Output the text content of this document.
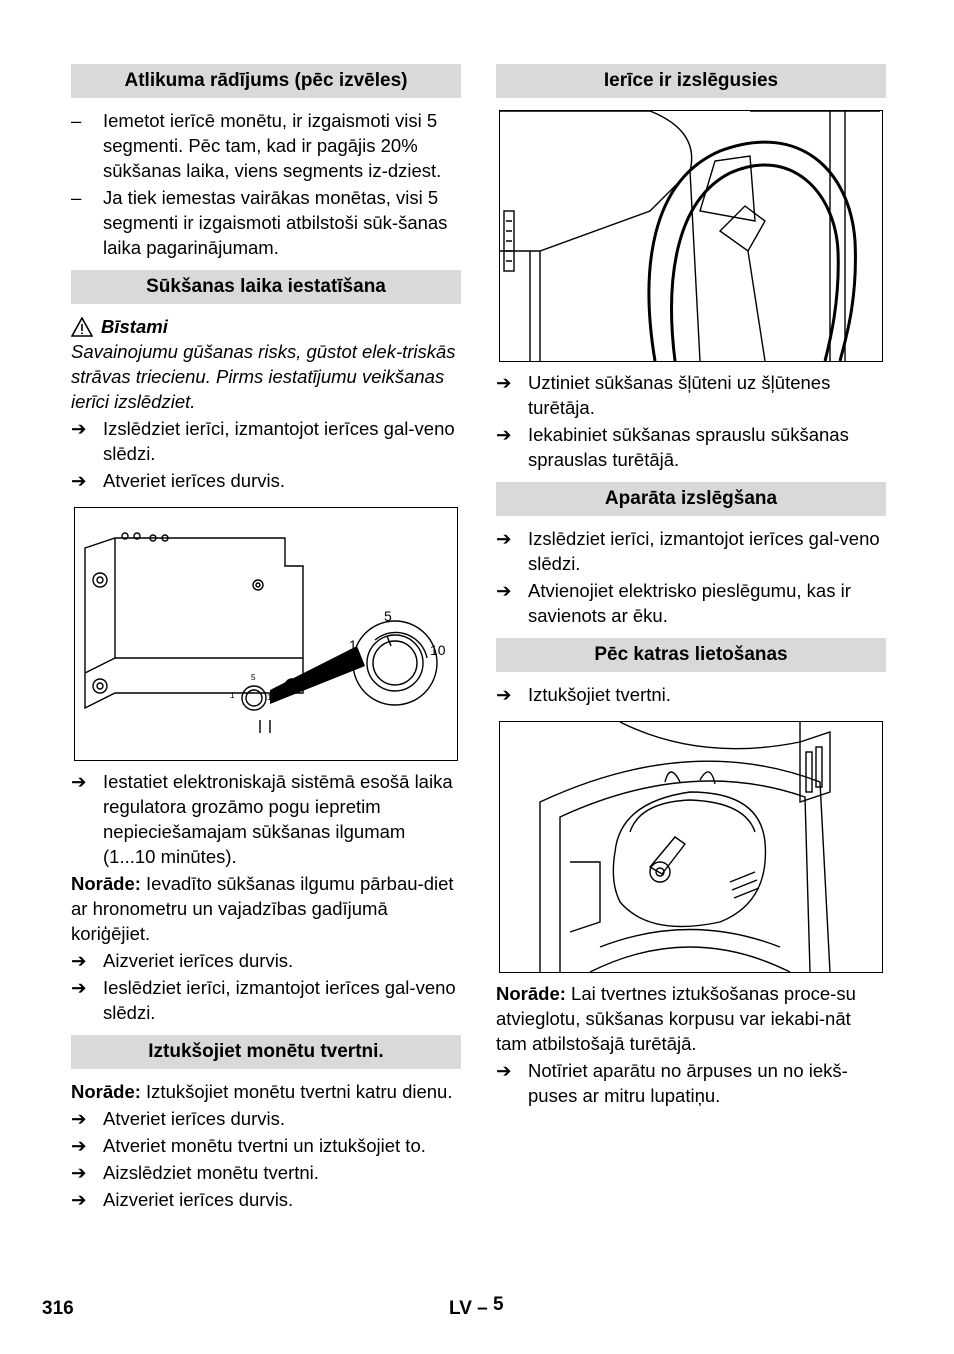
Atlikuma rādījums (pēc izvēles)
–	Iemetot ierīcē monētu, ir izgaismoti visi 5 segmenti. Pēc tam, kad ir pagājis 20% sūkšanas laika, viens segments iz-dziest.
–	Ja tiek iemestas vairākas monētas, visi 5 segmenti ir izgaismoti atbilstoši sūk-šanas laika pagarinājumam.
Sūkšanas laika iestatīšana
Bīstami

Savainojumu gūšanas risks, gūstot elek-triskās strāvas triecienu. Pirms iestatījumu veikšanas ierīci izslēdziet.

➔ Izslēdziet ierīci, izmantojot ierīces gal-veno slēdzi.
➔ Atveriet ierīces durvis.
5
1	10
5
1	10
➔ Iestatiet elektroniskajā sistēmā esošā laika regulatora grozāmo pogu iepretim nepieciešamajam sūkšanas ilgumam (1...10 minūtes).

Norāde: Ievadīto sūkšanas ilgumu pārbau-diet ar hronometru un vajadzības gadījumā koriģējiet.

➔ Aizveriet ierīces durvis.
➔ Ieslēdziet ierīci, izmantojot ierīces gal-veno slēdzi.
Iztukšojiet monētu tvertni.

Norāde: Iztukšojiet monētu tvertni katru dienu.

➔ Atveriet ierīces durvis.
➔ Atveriet monētu tvertni un iztukšojiet to.
➔ Aizslēdziet monētu tvertni.
➔ Aizveriet ierīces durvis.
Ierīce ir izslēgusies
➔ Uztiniet sūkšanas šļūteni uz šļūtenes turētāja.
➔ Iekabiniet sūkšanas sprauslu sūkšanas sprauslas turētājā.
Aparāta izslēgšana
➔ Izslēdziet ierīci, izmantojot ierīces gal-veno slēdzi.
➔ Atvienojiet elektrisko pieslēgumu, kas ir savienots ar ēku.
Pēc katras lietošanas
➔ Iztukšojiet tvertni.

Norāde: Lai tvertnes iztukšošanas proce-su atvieglotu, sūkšanas korpusu var iekabi-nāt tam atbilstošajā turētājā.

➔ Notīriet aparātu no ārpuses un no iekš-puses ar mitru lupatiņu.
316	LV – 5
